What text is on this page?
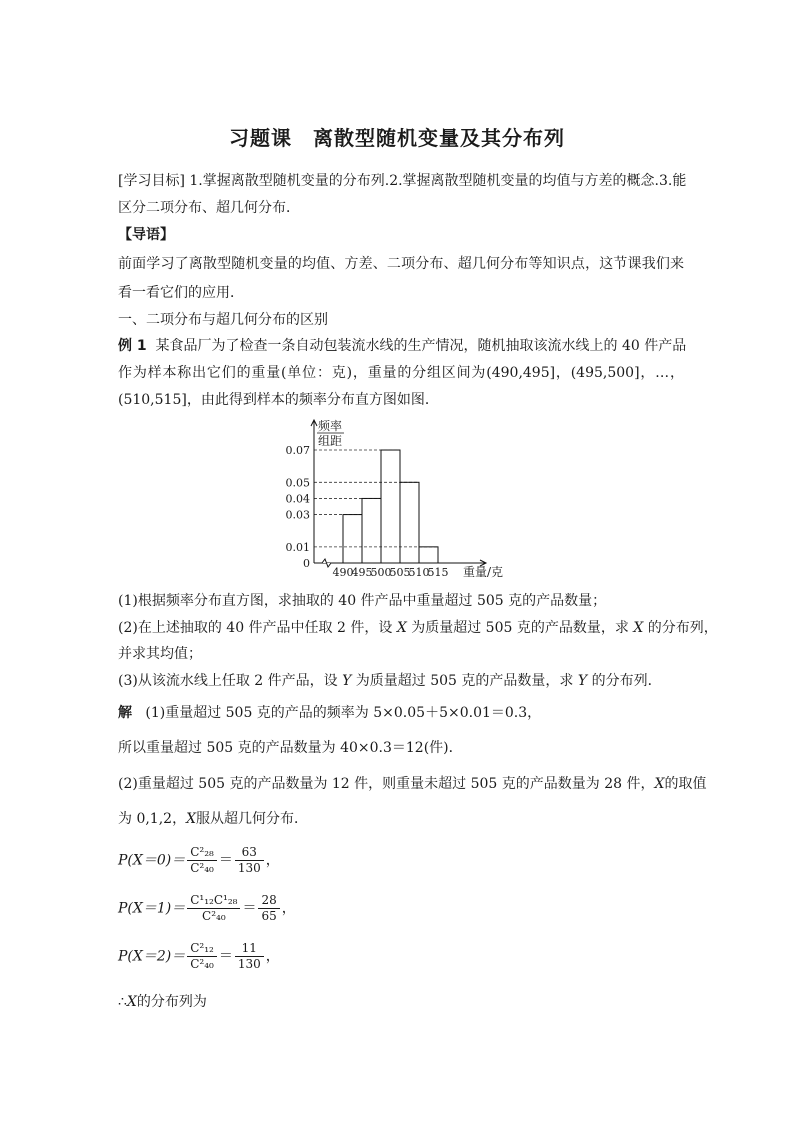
习题课　离散型随机变量及其分布列
[学习目标] 1.掌握离散型随机变量的分布列.2.掌握离散型随机变量的均值与方差的概念.3.能
区分二项分布、超几何分布．
【导语】
前面学习了离散型随机变量的均值、方差、二项分布、超几何分布等知识点，这节课我们来
看一看它们的应用．
一、二项分布与超几何分布的区别
例 1 某食品厂为了检查一条自动包装流水线的生产情况，随机抽取该流水线上的 40 件产品
作为样本称出它们的重量(单位：克)，重量的分组区间为(490,495]，(495,500]，…，
(510,515]，由此得到样本的频率分布直方图如图．
0.01
0.03
0.04
0.05
0.07
0
490
495
500
505
510
515 重量/克
频率
组距
(1)根据频率分布直方图，求抽取的 40 件产品中重量超过 505 克的产品数量；
(2)在上述抽取的 40 件产品中任取 2 件，设 X 为质量超过 505 克的产品数量，求 X 的分布列，
并求其均值；
(3)从该流水线上任取 2 件产品，设 Y 为质量超过 505 克的产品数量，求 Y 的分布列．
解 (1)重量超过 505 克的产品的频率为 5×0.05＋5×0.01＝0.3，
所以重量超过 505 克的产品数量为 40×0.3＝12(件)．
(2)重量超过 505 克的产品数量为 12 件，则重量未超过 505 克的产品数量为 28 件，X的取值
为 0,1,2，X服从超几何分布．
$P(X=0)= \frac{\text{C²₂₈}}{\text{C²₄₀}} = \frac{63}{130}$ ，
$P(X=1)= \frac{\text{C¹₁₂C¹₂₈}}{\text{C²₄₀}} = \frac{28}{65}$ ，
$P(X=2)= \frac{\text{C²₁₂}}{\text{C²₄₀}} = \frac{11}{130}$ ，
∴X的分布列为
